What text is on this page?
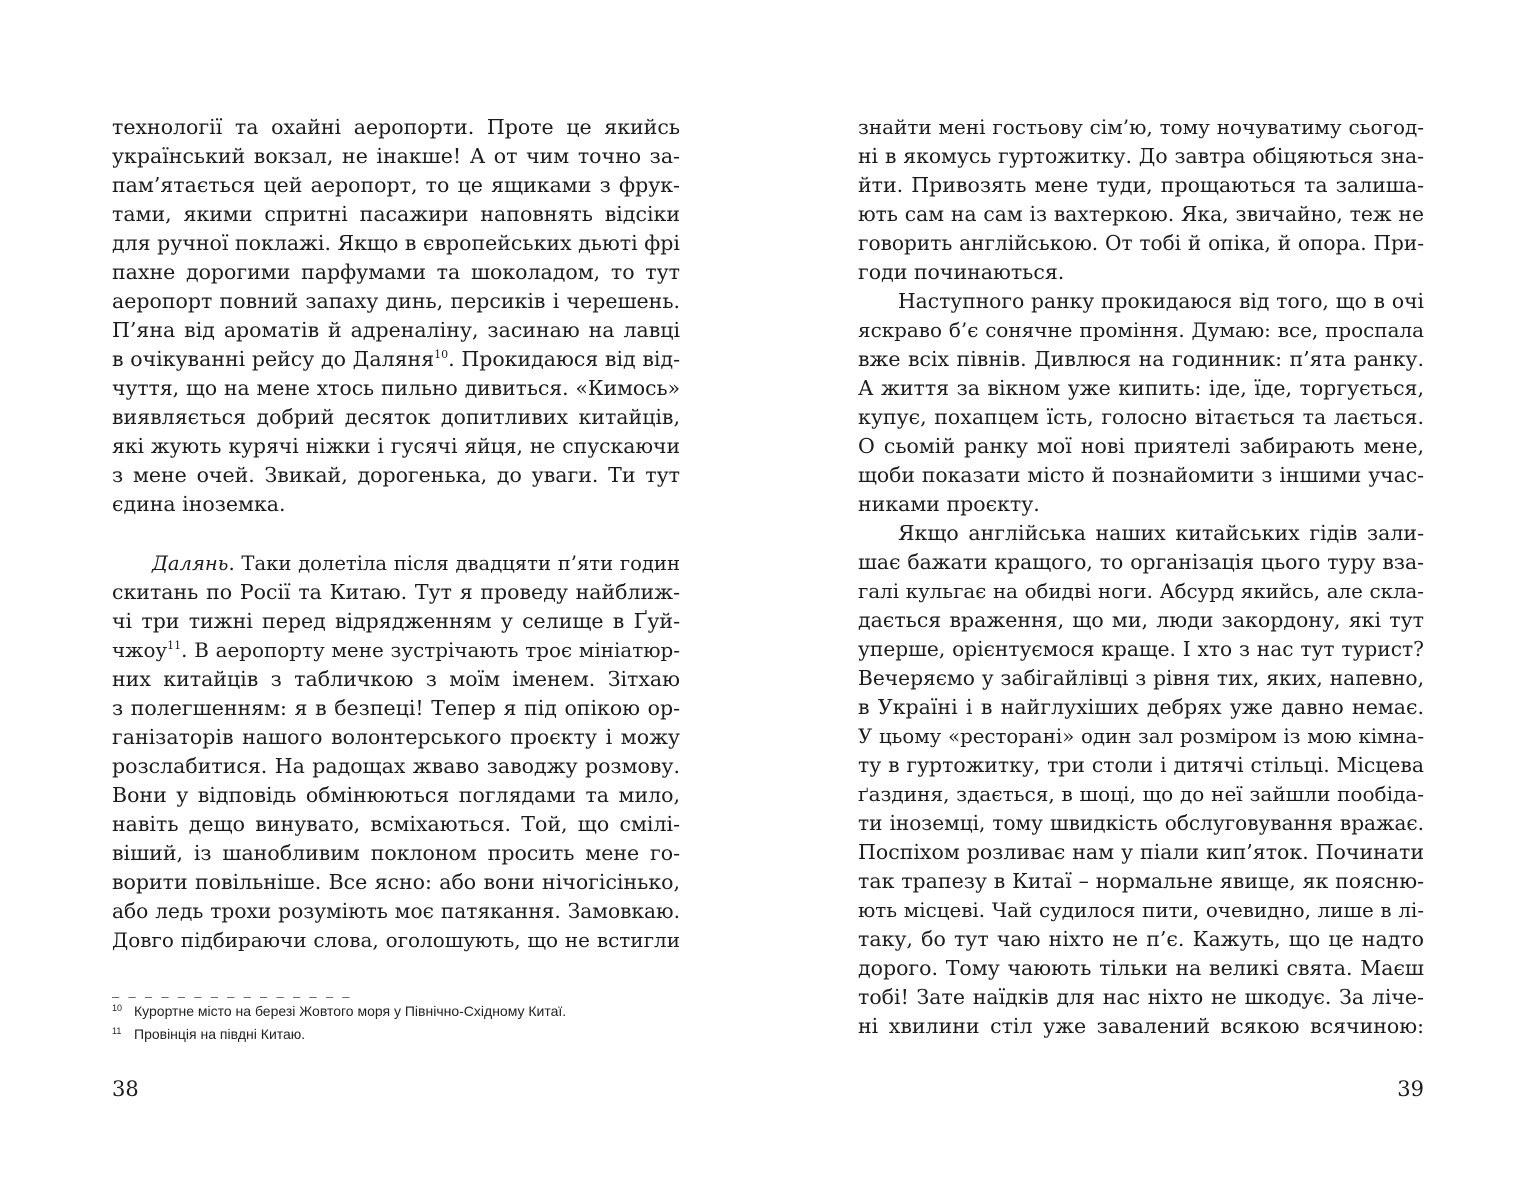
технології та охайні аеропорти. Проте це якийсь
український вокзал, не інакше! А от чим точно за-
пам’ятається цей аеропорт, то це ящиками з фрук-
тами, якими спритні пасажири наповнять відсіки
для ручної поклажі. Якщо в європейських дьюті фрі
пахне дорогими парфумами та шоколадом, то тут
аеропорт повний запаху динь, персиків і черешень.
П’яна від ароматів й адреналіну, засинаю на лавці
в очікуванні рейсу до Даляня$^{10}$. Прокидаюся від від-
чуття, що на мене хтось пильно дивиться. «Кимось»
виявляється добрий десяток допитливих китайців,
які жують курячі ніжки і гусячі яйця, не спускаючи
з мене очей. Звикай, дорогенька, до уваги. Ти тут
єдина іноземка.
Далянь. Таки долетіла після двадцяти п’яти годин
скитань по Росії та Китаю. Тут я проведу найближ-
чі три тижні перед відрядженням у селище в Ґуй-
чжоу$^{11}$. В аеропорту мене зустрічають троє мініатюр-
них китайців з табличкою з моїм іменем. Зітхаю
з полегшенням: я в безпеці! Тепер я під опікою ор-
ганізаторів нашого волонтерського проєкту і можу
розслабитися. На радощах жваво заводжу розмову.
Вони у відповідь обмінюються поглядами та мило,
навіть дещо винувато, всміхаються. Той, що смілі-
віший, із шанобливим поклоном просить мене го-
ворити повільніше. Все ясно: або вони нічогісінько,
або ледь трохи розуміють моє патякання. Замовкаю.
Довго підбираючи слова, оголошують, що не встигли
– – – – – – – – – – – – – – –
10 Курортне місто на березі Жовтого моря у Північно-Східному Китаї.
11 Провінція на півдні Китаю.
38
знайти мені гостьову сім’ю, тому ночуватиму сьогод-
ні в якомусь гуртожитку. До завтра обіцяються зна-
йти. Привозять мене туди, прощаються та залиша-
ють сам на сам із вахтеркою. Яка, звичайно, теж не
говорить англійською. От тобі й опіка, й опора. При-
годи починаються.
Наступного ранку прокидаюся від того, що в очі
яскраво б’є сонячне проміння. Думаю: все, проспала
вже всіх півнів. Дивлюся на годинник: п’ята ранку.
А життя за вікном уже кипить: іде, їде, торгується,
купує, похапцем їсть, голосно вітається та лається.
О сьомій ранку мої нові приятелі забирають мене,
щоби показати місто й познайомити з іншими учас-
никами проєкту.
Якщо англійська наших китайських гідів зали-
шає бажати кращого, то організація цього туру вза-
галі кульгає на обидві ноги. Абсурд якийсь, але скла-
дається враження, що ми, люди закордону, які тут
уперше, орієнтуємося краще. І хто з нас тут турист?
Вечеряємо у забігайлівці з рівня тих, яких, напевно,
в Україні і в найглухіших дебрях уже давно немає.
У цьому «ресторані» один зал розміром із мою кімна-
ту в гуртожитку, три столи і дитячі стільці. Місцева
ґаздиня, здається, в шоці, що до неї зайшли пообіда-
ти іноземці, тому швидкість обслуговування вражає.
Поспіхом розливає нам у піали кип’яток. Починати
так трапезу в Китаї – нормальне явище, як поясню-
ють місцеві. Чай судилося пити, очевидно, лише в лі-
таку, бо тут чаю ніхто не п’є. Кажуть, що це надто
дорого. Тому чаюють тільки на великі свята. Маєш
тобі! Зате наїдків для нас ніхто не шкодує. За ліче-
ні хвилини стіл уже завалений всякою всячиною:
39
